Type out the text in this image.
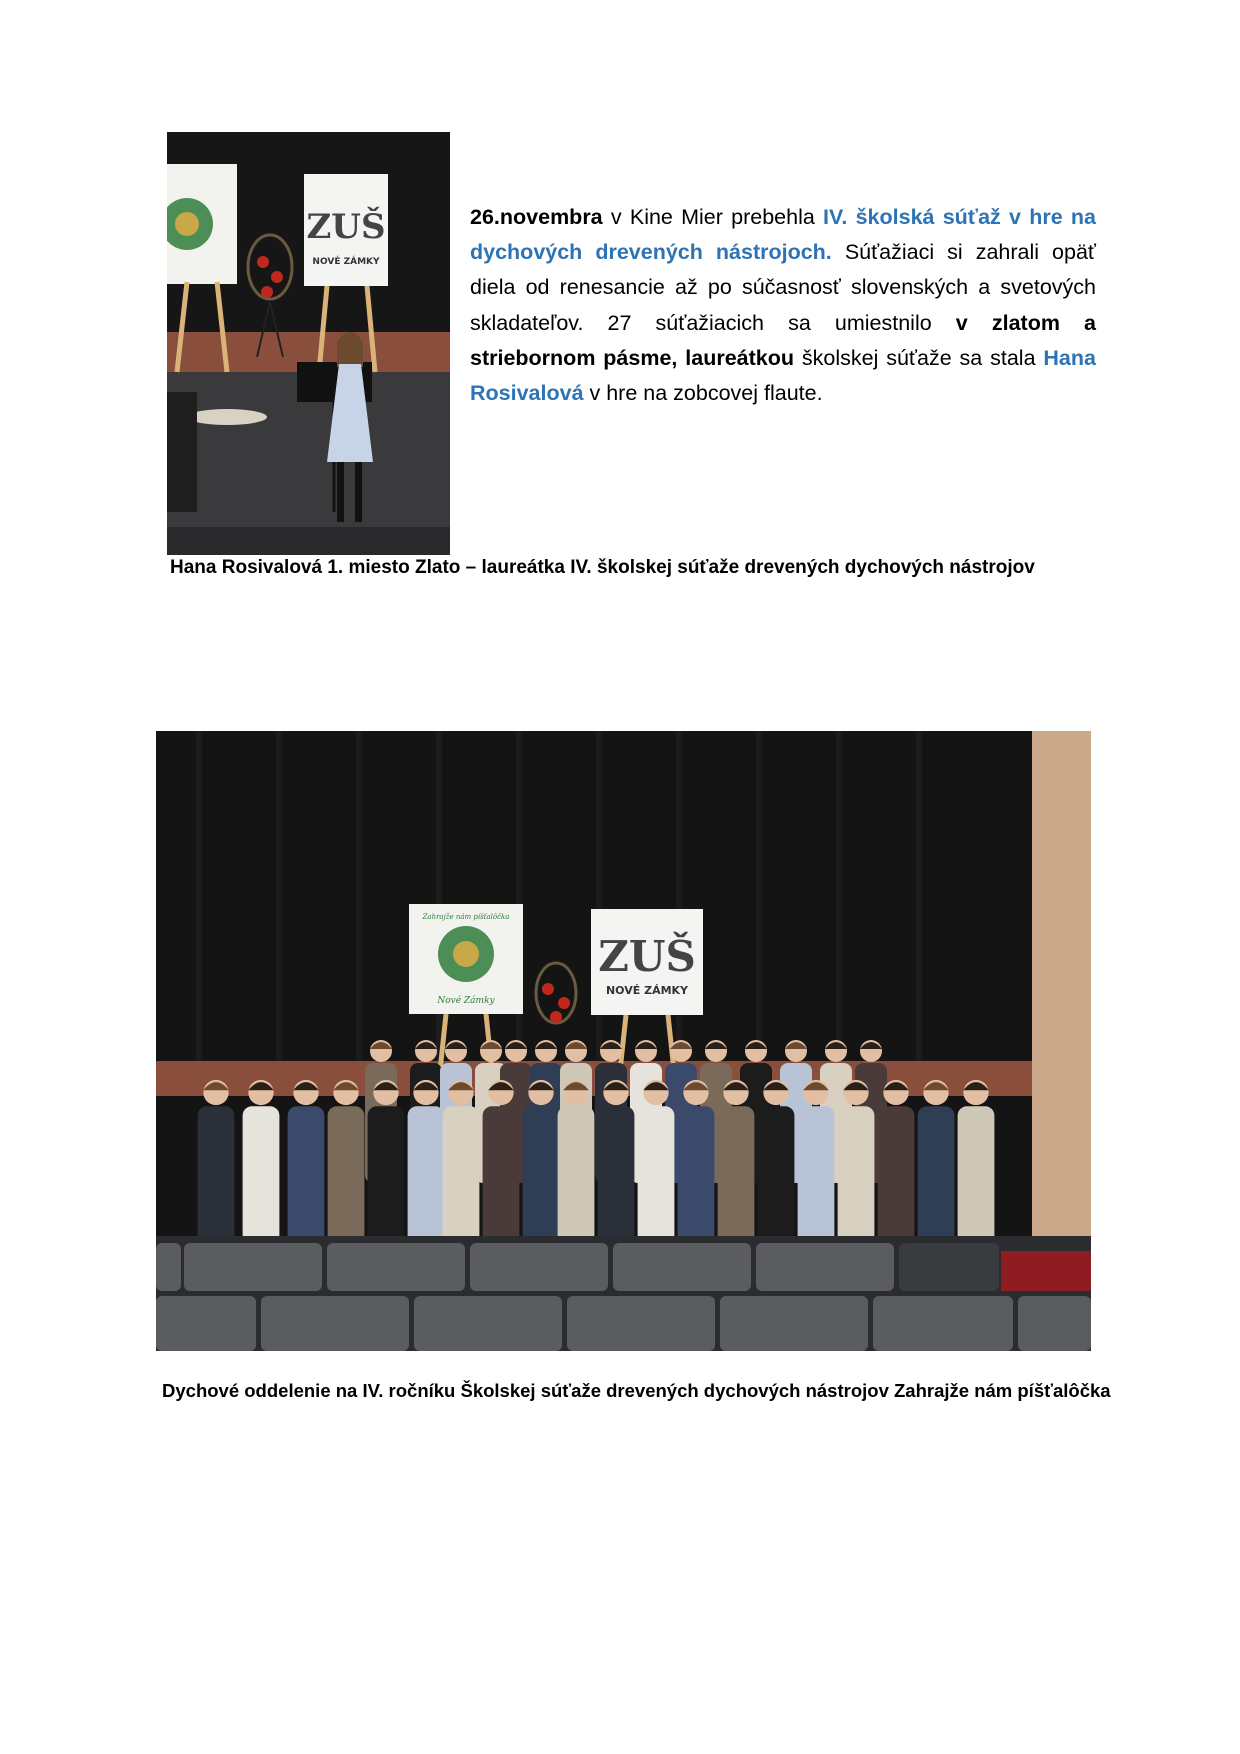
ZUŠ
NOVÉ ZÁMKY
26.novembra v Kine Mier prebehla IV. školská súťaž v hre na dychových drevených nástrojoch. Súťažiaci si zahrali opäť diela od renesancie až po súčasnosť slovenských a svetových skladateľov. 27 súťažiacich sa umiestnilo v zlatom a striebornom pásme, laureátkou školskej súťaže sa stala Hana Rosivalová v hre na zobcovej flaute.
Hana Rosivalová 1. miesto Zlato – laureátka IV. školskej súťaže drevených dychových nástrojov
Nové Zámky
Zahrajže nám píšťalôčka
ZUŠ
NOVÉ ZÁMKY
Dychové oddelenie na IV. ročníku Školskej súťaže drevených dychových nástrojov Zahrajže nám píšťalôčka
